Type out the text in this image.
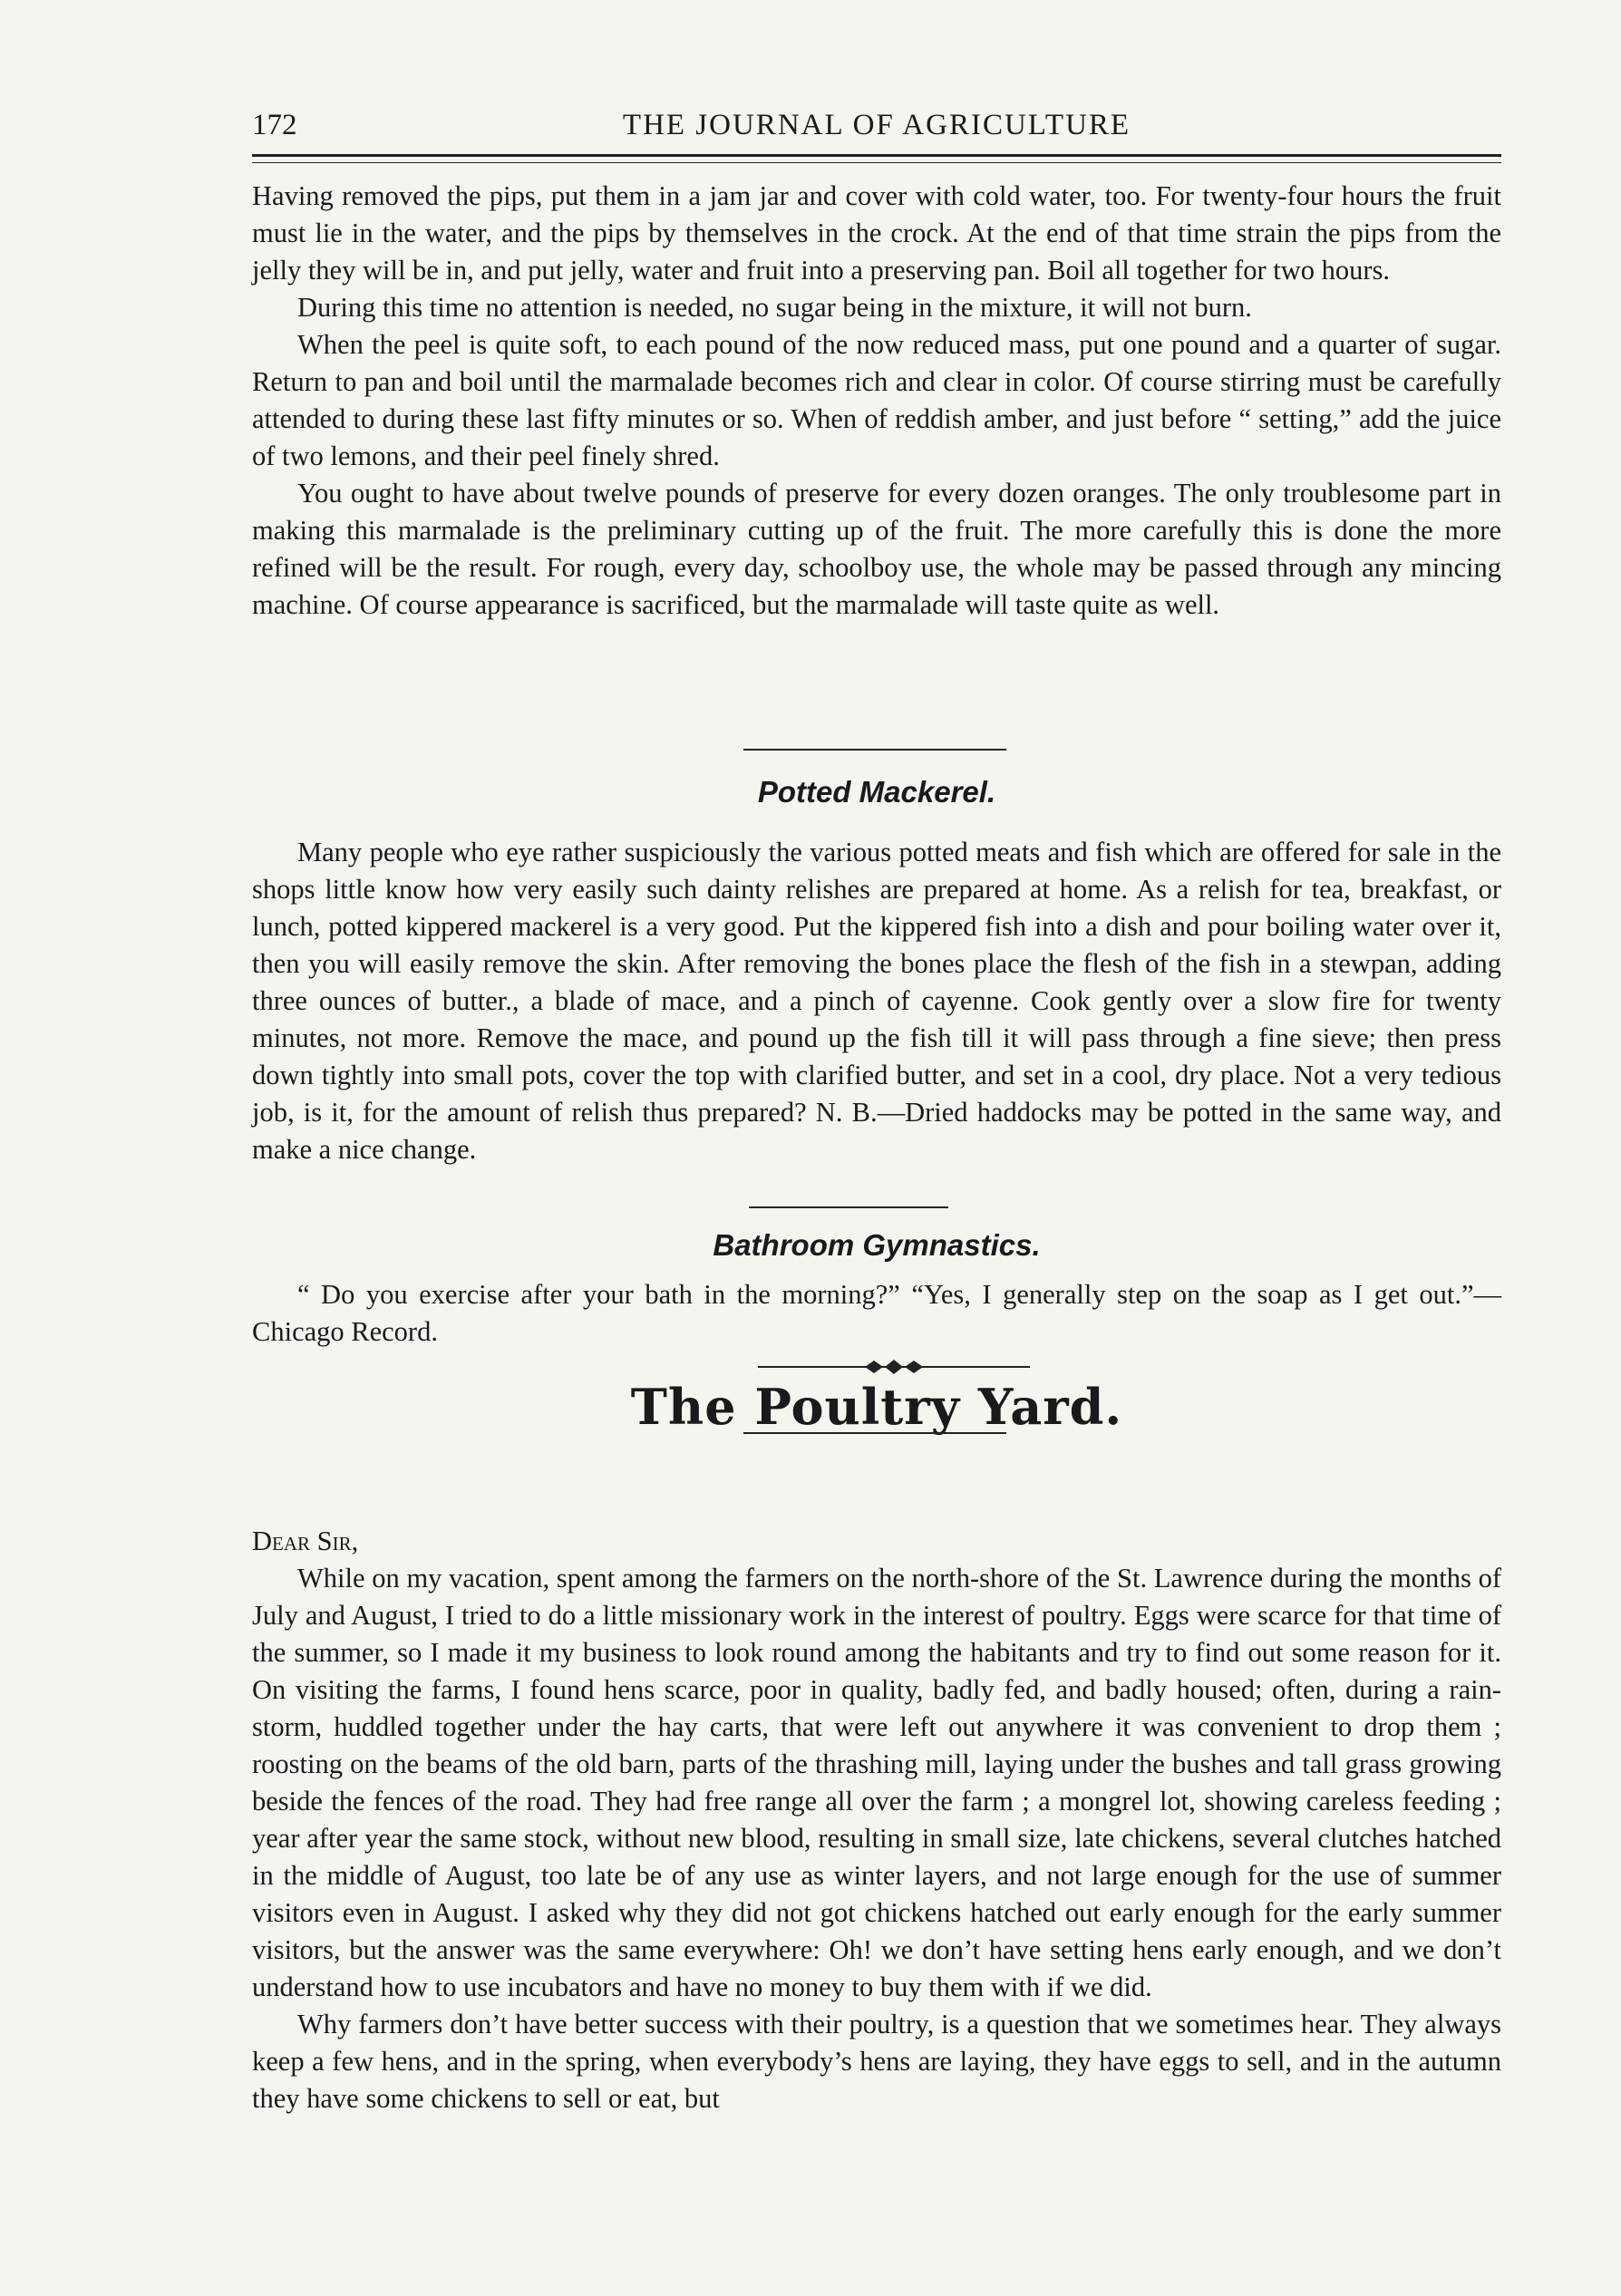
172	THE JOURNAL OF AGRICULTURE

Having removed the pips, put them in a jam jar and cover with cold water, too. For twenty-four hours the fruit must lie in the water, and the pips by themselves in the crock. At the end of that time strain the pips from the jelly they will be in, and put jelly, water and fruit into a preserving pan. Boil all together for two hours.

During this time no attention is needed, no sugar being in the mixture, it will not burn.

When the peel is quite soft, to each pound of the now reduced mass, put one pound and a quarter of sugar. Return to pan and boil until the marmalade becomes rich and clear in color. Of course stirring must be carefully attended to during these last fifty minutes or so. When of reddish amber, and just before “ setting,” add the juice of two lemons, and their peel finely shred.

You ought to have about twelve pounds of preserve for every dozen oranges. The only troublesome part in making this marmalade is the preliminary cutting up of the fruit. The more carefully this is done the more refined will be the result. For rough, every day, schoolboy use, the whole may be passed through any mincing machine. Of course appearance is sacrificed, but the marmalade will taste quite as well.

Potted Mackerel.

Many people who eye rather suspiciously the various potted meats and fish which are offered for sale in the shops little know how very easily such dainty relishes are prepared at home. As a relish for tea, breakfast, or lunch, potted kippered mackerel is a very good. Put the kippered fish into a dish and pour boiling water over it, then you will easily remove the skin. After removing the bones place the flesh of the fish in a stewpan, adding three ounces of butter., a blade of mace, and a pinch of cayenne. Cook gently over a slow fire for twenty minutes, not more. Remove the mace, and pound up the fish till it will pass through a fine sieve; then press down tightly into small pots, cover the top with clarified butter, and set in a cool, dry place. Not a very tedious job, is it, for the amount of relish thus prepared? N. B.—Dried haddocks may be potted in the same way, and make a nice change.

Bathroom Gymnastics.

“ Do you exercise after your bath in the morning?” “Yes, I generally step on the soap as I get out.”—Chicago Record.

The Poultry Yard.

Dear Sir,

While on my vacation, spent among the farmers on the north-shore of the St. Lawrence during the months of July and August, I tried to do a little missionary work in the interest of poultry. Eggs were scarce for that time of the summer, so I made it my business to look round among the habitants and try to find out some reason for it. On visiting the farms, I found hens scarce, poor in quality, badly fed, and badly housed; often, during a rain-storm, huddled together under the hay carts, that were left out anywhere it was convenient to drop them ; roosting on the beams of the old barn, parts of the thrashing mill, laying under the bushes and tall grass growing beside the fences of the road. They had free range all over the farm ; a mongrel lot, showing careless feeding ; year after year the same stock, without new blood, resulting in small size, late chickens, several clutches hatched in the middle of August, too late be of any use as winter layers, and not large enough for the use of summer visitors even in August. I asked why they did not got chickens hatched out early enough for the early summer visitors, but the answer was the same everywhere: Oh! we don’t have setting hens early enough, and we don’t understand how to use incubators and have no money to buy them with if we did.

Why farmers don’t have better success with their poultry, is a question that we sometimes hear. They always keep a few hens, and in the spring, when everybody’s hens are laying, they have eggs to sell, and in the autumn they have some chickens to sell or eat, but
